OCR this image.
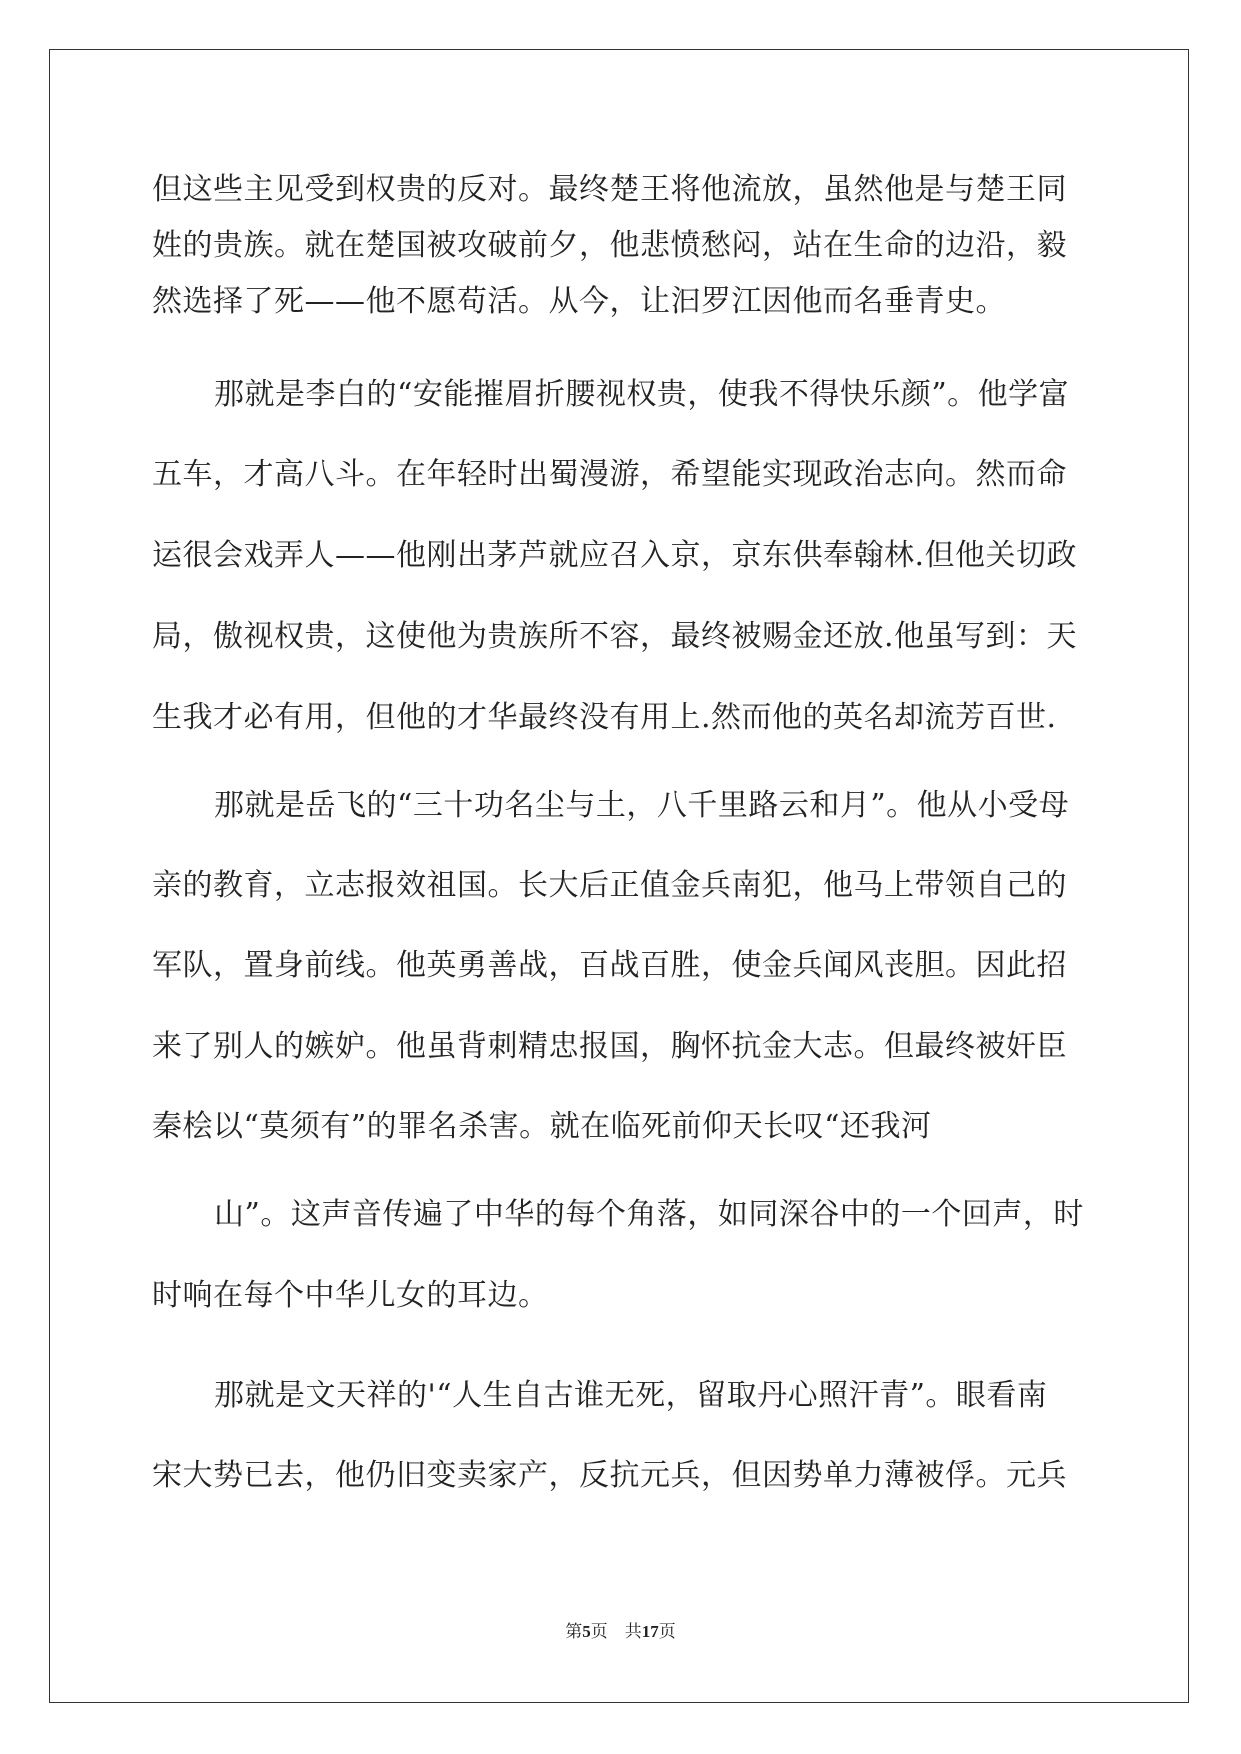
但这些主见受到权贵的反对。最终楚王将他流放，虽然他是与楚王同
姓的贵族。就在楚国被攻破前夕，他悲愤愁闷，站在生命的边沿，毅
然选择了死——他不愿苟活。从今，让汩罗江因他而名垂青史。
那就是李白的“安能摧眉折腰视权贵，使我不得快乐颜”。他学富
五车，才高八斗。在年轻时出蜀漫游，希望能实现政治志向。然而命
运很会戏弄人——他刚出茅芦就应召入京，京东供奉翰林.但他关切政
局，傲视权贵，这使他为贵族所不容，最终被赐金还放.他虽写到：天
生我才必有用，但他的才华最终没有用上.然而他的英名却流芳百世.
那就是岳飞的“三十功名尘与土，八千里路云和月”。他从小受母
亲的教育，立志报效祖国。长大后正值金兵南犯，他马上带领自己的
军队，置身前线。他英勇善战，百战百胜，使金兵闻风丧胆。因此招
来了别人的嫉妒。他虽背刺精忠报国，胸怀抗金大志。但最终被奸臣
秦桧以“莫须有”的罪名杀害。就在临死前仰天长叹“还我河
山”。这声音传遍了中华的每个角落，如同深谷中的一个回声，时
时响在每个中华儿女的耳边。
那就是文天祥的'“人生自古谁无死，留取丹心照汗青”。眼看南
宋大势已去，他仍旧变卖家产，反抗元兵，但因势单力薄被俘。元兵
第5页 共17页
